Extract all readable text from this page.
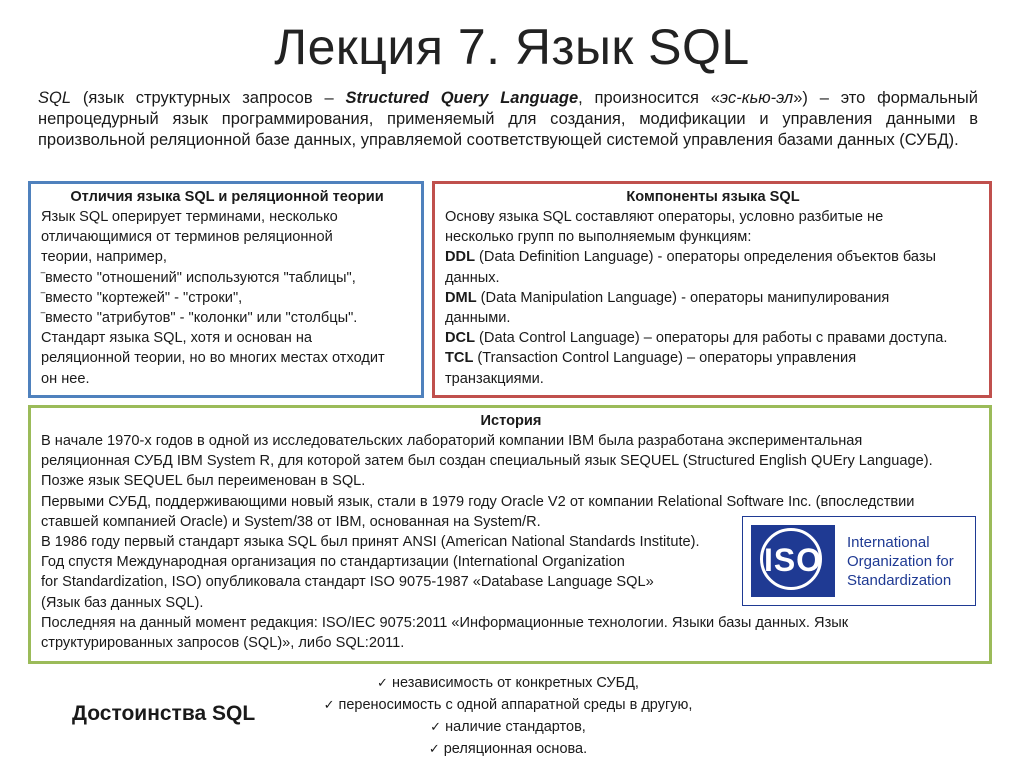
Лекция 7. Язык SQL
SQL (язык структурных запросов – Structured Query Language, произносится «эс-кью-эл») – это формальный непроцедурный язык программирования, применяемый для создания, модификации и управления данными в произвольной реляционной базе данных, управляемой соответствующей системой управления базами данных (СУБД).
Отличия языка SQL и реляционной теории
Язык SQL оперирует терминами, несколько
отличающимися от терминов реляционной
теории, например,
‾вместо "отношений" используются "таблицы",
‾вместо "кортежей" - "строки",
‾вместо "атрибутов" - "колонки" или "столбцы".
Стандарт языка SQL, хотя и основан на
реляционной теории, но во многих местах отходит
он нее.
Компоненты языка SQL
Основу языка SQL составляют операторы, условно разбитые не
несколько групп по выполняемым функциям:
DDL (Data Definition Language) - операторы определения объектов базы
данных.
DML (Data Manipulation Language) - операторы манипулирования
данными.
DCL (Data Control Language) – операторы для работы с правами доступа.
TCL (Transaction Control Language) – операторы управления
транзакциями.
История
В начале 1970-х годов в одной из исследовательских лабораторий компании IBM была разработана экспериментальная
реляционная СУБД IBM System R, для которой затем был создан специальный язык SEQUEL (Structured English QUEry Language).
Позже язык SEQUEL был переименован в SQL.
Первыми СУБД, поддерживающими новый язык, стали в 1979 году Oracle V2 от компании Relational Software Inc. (впоследствии
ставшей компанией Oracle) и System/38 от IBM, основанная на System/R.
В 1986 году первый стандарт языка SQL был принят ANSI (American National Standards Institute).
Год спустя Международная организация по стандартизации (International Organization
for Standardization, ISO) опубликовала стандарт ISO 9075-1987 «Database Language SQL»
(Язык баз данных SQL).
Последняя на данный момент редакция: ISO/IEC 9075:2011 «Информационные технологии. Языки базы данных. Язык
структурированных запросов (SQL)», либо SQL:2011.
ISO	International
Organization for
Standardization
Достоинства SQL
✓ независимость от конкретных СУБД,
✓ переносимость с одной аппаратной среды в другую,
✓ наличие стандартов,
✓ реляционная основа.
